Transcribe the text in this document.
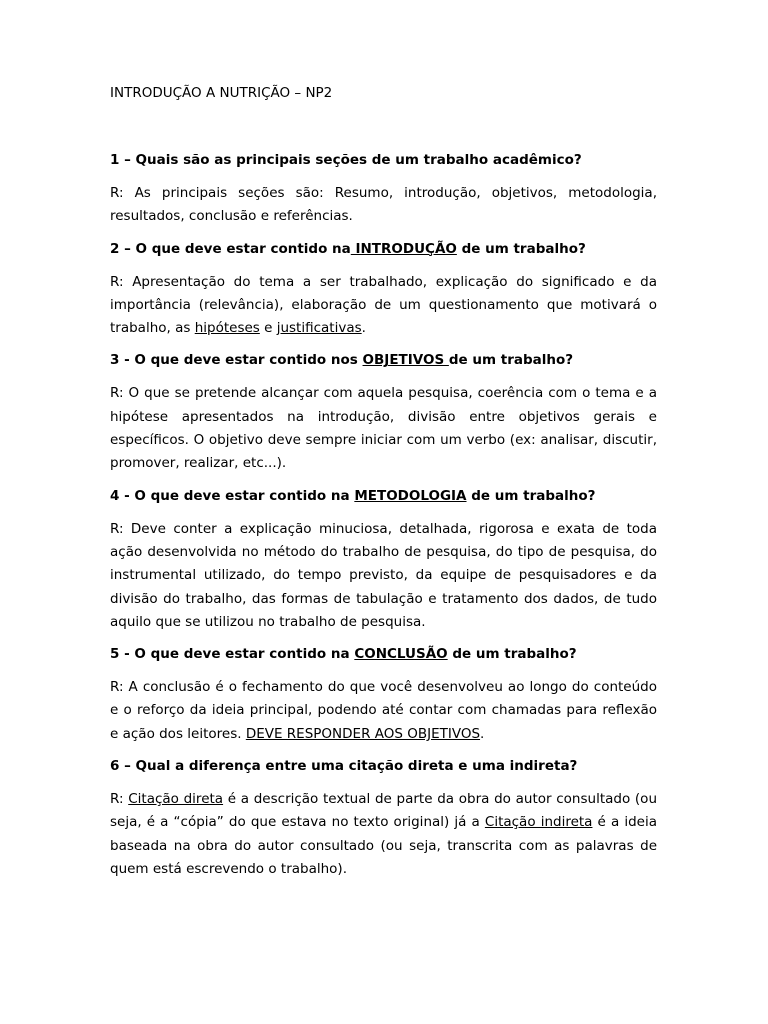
INTRODUÇÃO A NUTRIÇÃO – NP2
1 – Quais são as principais seções de um trabalho acadêmico?
R: As principais seções são: Resumo, introdução, objetivos, metodologia, resultados, conclusão e referências.
2 – O que deve estar contido na INTRODUÇÃO de um trabalho?
R: Apresentação do tema a ser trabalhado, explicação do significado e da importância (relevância), elaboração de um questionamento que motivará o trabalho, as hipóteses e justificativas.
3 - O que deve estar contido nos OBJETIVOS de um trabalho?
R: O que se pretende alcançar com aquela pesquisa, coerência com o tema e a hipótese apresentados na introdução, divisão entre objetivos gerais e específicos. O objetivo deve sempre iniciar com um verbo (ex: analisar, discutir, promover, realizar, etc...).
4 - O que deve estar contido na METODOLOGIA de um trabalho?
R: Deve conter a explicação minuciosa, detalhada, rigorosa e exata de toda ação desenvolvida no método do trabalho de pesquisa, do tipo de pesquisa, do instrumental utilizado, do tempo previsto, da equipe de pesquisadores e da divisão do trabalho, das formas de tabulação e tratamento dos dados, de tudo aquilo que se utilizou no trabalho de pesquisa.
5 - O que deve estar contido na CONCLUSÃO de um trabalho?
R: A conclusão é o fechamento do que você desenvolveu ao longo do conteúdo e o reforço da ideia principal, podendo até contar com chamadas para reflexão e ação dos leitores. DEVE RESPONDER AOS OBJETIVOS.
6 – Qual a diferença entre uma citação direta e uma indireta?
R: Citação direta é a descrição textual de parte da obra do autor consultado (ou seja, é a “cópia” do que estava no texto original) já a Citação indireta é a ideia baseada na obra do autor consultado (ou seja, transcrita com as palavras de quem está escrevendo o trabalho).
